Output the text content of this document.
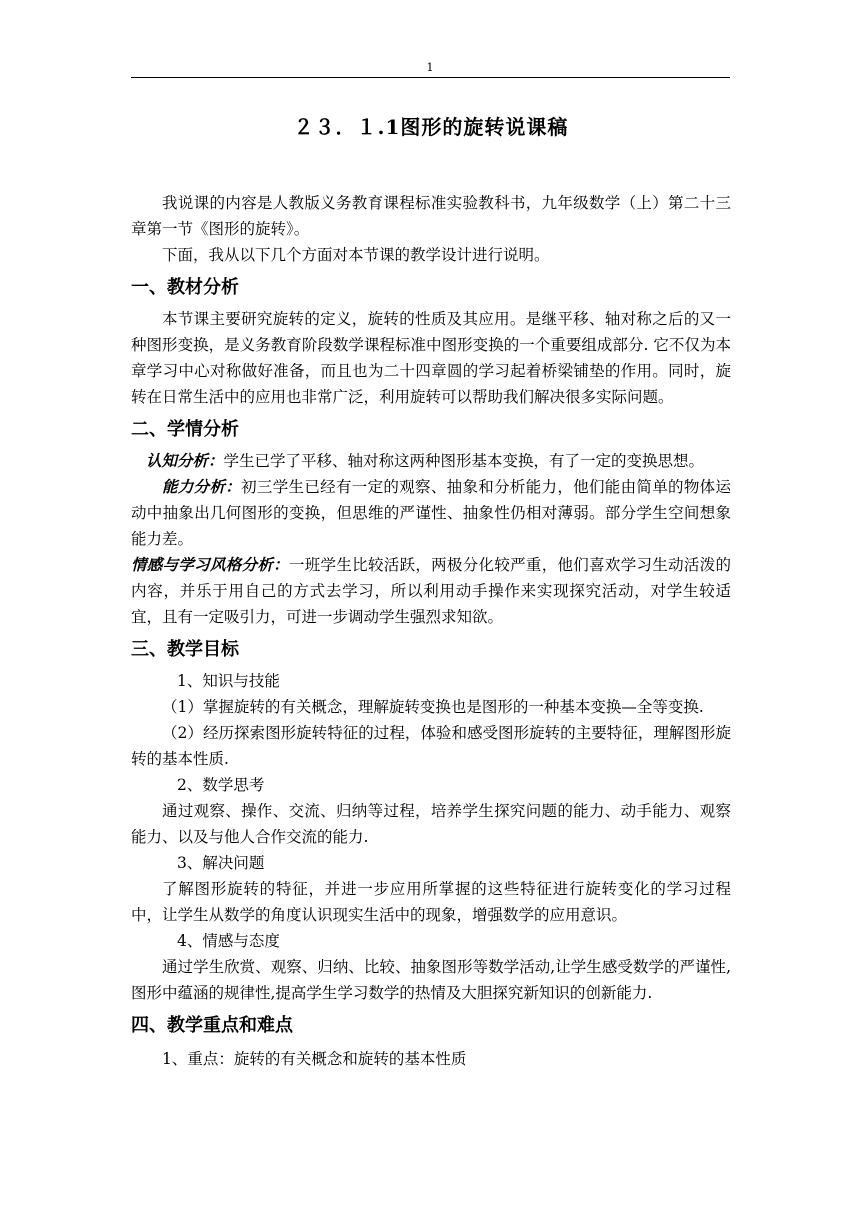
1
２３．１.1图形的旋转说课稿

我说课的内容是人教版义务教育课程标准实验教科书，九年级数学（上）第二十三章第一节《图形的旋转》。

下面，我从以下几个方面对本节课的教学设计进行说明。

一、教材分析

本节课主要研究旋转的定义，旋转的性质及其应用。是继平移、轴对称之后的又一种图形变换，是义务教育阶段数学课程标准中图形变换的一个重要组成部分. 它不仅为本章学习中心对称做好准备，而且也为二十四章圆的学习起着桥梁铺垫的作用。同时，旋转在日常生活中的应用也非常广泛，利用旋转可以帮助我们解决很多实际问题。

二、学情分析

认知分析：学生已学了平移、轴对称这两种图形基本变换，有了一定的变换思想。

能力分析：初三学生已经有一定的观察、抽象和分析能力，他们能由简单的物体运动中抽象出几何图形的变换，但思维的严谨性、抽象性仍相对薄弱。部分学生空间想象能力差。

情感与学习风格分析：一班学生比较活跃，两极分化较严重，他们喜欢学习生动活泼的内容，并乐于用自己的方式去学习，所以利用动手操作来实现探究活动，对学生较适宜，且有一定吸引力，可进一步调动学生强烈求知欲。

三、教学目标

1、知识与技能

（1）掌握旋转的有关概念，理解旋转变换也是图形的一种基本变换—全等变换.

（2）经历探索图形旋转特征的过程，体验和感受图形旋转的主要特征，理解图形旋转的基本性质.

2、数学思考

通过观察、操作、交流、归纳等过程，培养学生探究问题的能力、动手能力、观察能力、以及与他人合作交流的能力.

3、解决问题

了解图形旋转的特征，并进一步应用所掌握的这些特征进行旋转变化的学习过程中，让学生从数学的角度认识现实生活中的现象，增强数学的应用意识。

4、情感与态度

通过学生欣赏、观察、归纳、比较、抽象图形等数学活动,让学生感受数学的严谨性,图形中蕴涵的规律性,提高学生学习数学的热情及大胆探究新知识的创新能力.

四、教学重点和难点

1、重点：旋转的有关概念和旋转的基本性质
